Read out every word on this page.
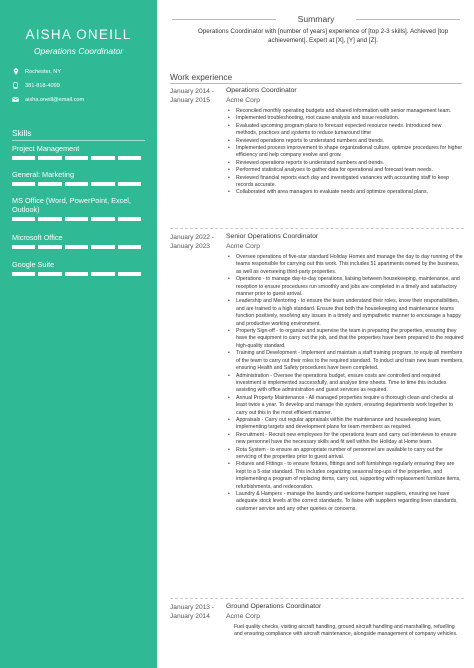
AISHA ONEILL
Operations Coordinator
Rochester, NY
381-818-4099
aisha.oneill@email.com
Skills
Project Management
General: Marketing
MS Office (Word, PowerPoint, Excel, Outlook)
Microsoft Office
Google Suite
Summary
Operations Coordinator with [number of years] experience of [top 2-3 skills]. Achieved [top achievement]. Expert at [X], [Y] and [Z].
Work experience
January 2014 - January 2015
Operations Coordinator
Acme Corp
• Reconciled monthly operating budgets and shared information with senior management team.
• Implemented troubleshooting, root cause analysis and issue resolution.
• Evaluated upcoming program plans to forecast expected resource needs. Introduced new methods, practices and systems to reduce turnaround time
• Reviewed operations reports to understand numbers and trends.
• Implemented process improvement to shape organizational culture, optimize procedures for higher efficiency and help company evolve and grow.
• Reviewed operations reports to understand numbers and trends.
• Performed statistical analyses to gather data for operational and forecast team needs.
• Reviewed financial reports each day and investigated variances with accounting staff to keep records accurate.
• Collaborated with area managers to evaluate needs and optimize operational plans.
January 2022 - January 2023
Senior Operations Coordinator
Acme Corp
• Oversee operations of five-star standard Holiday Homes and manage the day to day running of the teams responsible for carrying out this work. This includes 51 apartments owned by the business, as well as overseeing third-party properties.
• Operations - to manage day-to-day operations, liaising between housekeeping, maintenance, and reception to ensure procedures run smoothly and jobs are completed in a timely and satisfactory manner prior to guest arrival.
• Leadership and Mentoring - to ensure the team understand their roles, know their responsibilities, and are trained to a high standard. Ensure that both the housekeeping and maintenance teams function positively, resolving any issues in a timely and sympathetic manner to encourage a happy and productive working environment.
• Property Sign-off - to organize and supervise the team in preparing the properties, ensuring they have the equipment to carry out the job, and that the properties have been prepared to the required high-quality standard.
• Training and Development - Implement and maintain a staff training program, to equip all members of the team to carry out their roles to the required standard. To induct and train new team members, ensuring Health and Safety procedures have been completed.
• Administration - Oversee the operations budget, ensure costs are controlled and required investment is implemented successfully, and analyse time sheets. Time to time this includes assisting with office administration and guest services as required.
• Annual Property Maintenance - All managed properties require a thorough clean and checks at least twice a year. To develop and manage this system, ensuring departments work together to carry out this in the most efficient manner.
• Appraisals - Carry out regular appraisals within the maintenance and housekeeping team, implementing targets and development plans for team members as required.
• Recruitment - Recruit new employees for the operations team and carry out interviews to ensure new personnel have the necessary skills and fit well within the Holiday at Home team.
• Rota System - to ensure an appropriate number of personnel are available to carry out the servicing of the properties prior to guest arrival.
• Fixtures and Fittings - to ensure fixtures, fittings and soft furnishings regularly ensuring they are kept to a 5-star standard. This includes organizing seasonal top-ups of the properties, and implementing a program of replacing items, carry out, supporting with replacement furniture items, refurbishments, and redecoration.
• Laundry & Hampers - manage the laundry and welcome hamper suppliers, ensuring we have adequate stock levels at the correct standards. To liaise with suppliers regarding linen standards, customer service and any other queries or concerns.
January 2013 - January 2014
Ground Operations Coordinator
Acme Corp
Fuel quality checks, visiting aircraft handling, ground aircraft handling and marshalling, refuelling and ensuring compliance with aircraft maintenance, alongside management of company vehicles.
